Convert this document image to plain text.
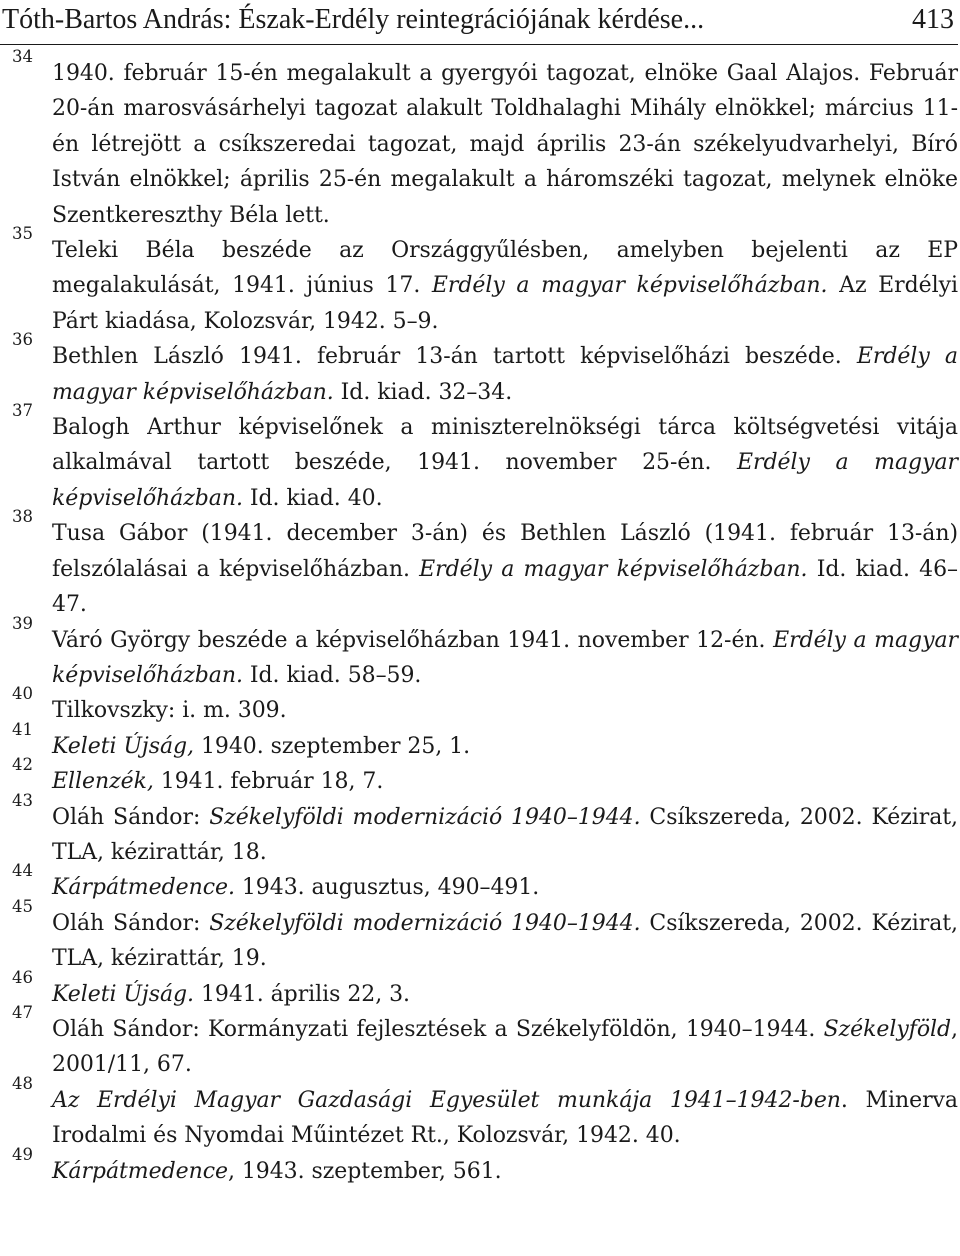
Tóth-Bartos András: Észak-Erdély reintegrációjának kérdése...	413
34
1940. február 15-én megalakult a gyergyói tagozat, elnöke Gaal Alajos. Február 20-án marosvásárhelyi tagozat alakult Toldhalaghi Mihály elnökkel; március 11-én létrejött a csíkszeredai tagozat, majd április 23-án székelyudvarhelyi, Bíró István elnökkel; április 25-én megalakult a háromszéki tagozat, melynek elnöke Szentkereszthy Béla lett.
35
Teleki Béla beszéde az Országgyűlésben, amelyben bejelenti az EP megalakulását, 1941. június 17. Erdély a magyar képviselőházban. Az Erdélyi Párt kiadása, Kolozsvár, 1942. 5–9.
36
Bethlen László 1941. február 13-án tartott képviselőházi beszéde. Erdély a magyar képviselőházban. Id. kiad. 32–34.
37
Balogh Arthur képviselőnek a miniszterelnökségi tárca költségvetési vitája alkalmával tartott beszéde, 1941. november 25-én. Erdély a magyar képviselőházban. Id. kiad. 40.
38
Tusa Gábor (1941. december 3-án) és Bethlen László (1941. február 13-án) felszólalásai a képviselőházban. Erdély a magyar képviselőházban. Id. kiad. 46–47.
39
Váró György beszéde a képviselőházban 1941. november 12-én. Erdély a magyar képviselőházban. Id. kiad. 58–59.
40
Tilkovszky: i. m. 309.
41
Keleti Újság, 1940. szeptember 25, 1.
42
Ellenzék, 1941. február 18, 7.
43
Oláh Sándor: Székelyföldi modernizáció 1940–1944. Csíkszereda, 2002. Kézirat, TLA, kézirattár, 18.
44
Kárpátmedence. 1943. augusztus, 490–491.
45
Oláh Sándor: Székelyföldi modernizáció 1940–1944. Csíkszereda, 2002. Kézirat, TLA, kézirattár, 19.
46
Keleti Újság. 1941. április 22, 3.
47
Oláh Sándor: Kormányzati fejlesztések a Székelyföldön, 1940–1944. Székelyföld, 2001/11, 67.
48
Az Erdélyi Magyar Gazdasági Egyesület munkája 1941–1942-ben. Minerva Irodalmi és Nyomdai Műintézet Rt., Kolozsvár, 1942. 40.
49
Kárpátmedence, 1943. szeptember, 561.
